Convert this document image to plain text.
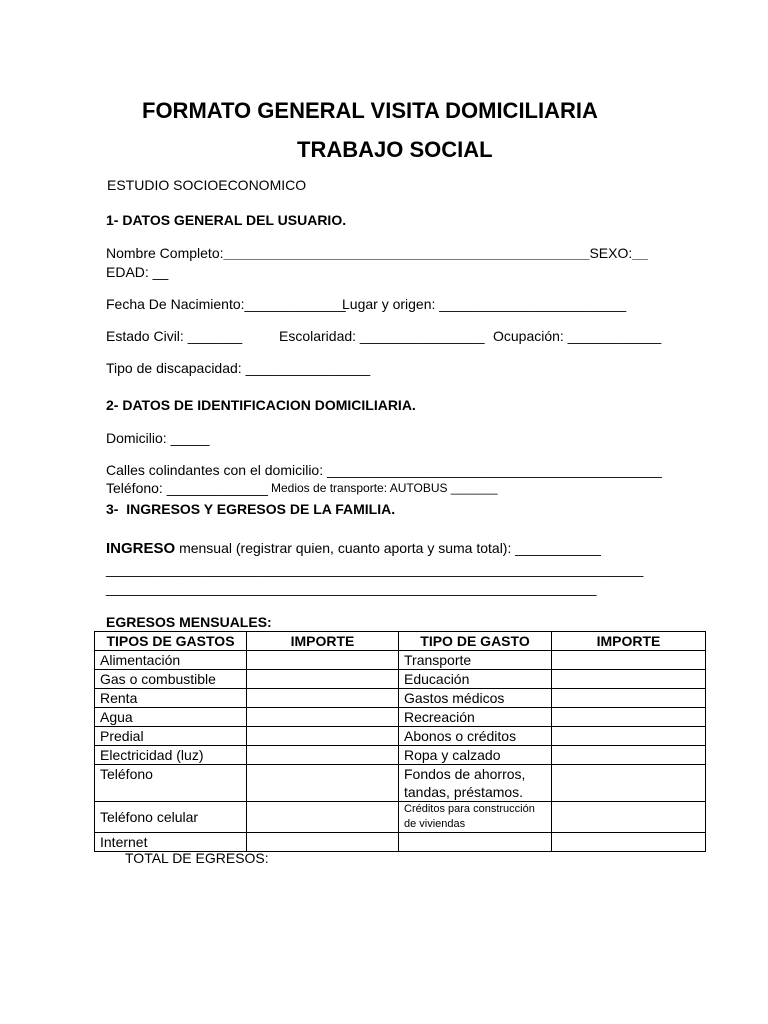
FORMATO GENERAL VISITA DOMICILIARIA
TRABAJO SOCIAL
ESTUDIO SOCIOECONOMICO
1- DATOS GENERAL DEL USUARIO.
Nombre Completo:_______________________________________________SEXO:__
EDAD: __
Fecha De Nacimiento:_____________
Lugar y origen: ________________________
Estado Civil: _______	Escolaridad: ________________ Ocupación: ____________
Tipo de discapacidad: ________________
2- DATOS DE IDENTIFICACION DOMICILIARIA.
Domicilio: _____
Calles colindantes con el domicilio: ___________________________________________
Teléfono: _____________ Medios de transporte: AUTOBUS _______
3-  INGRESOS Y EGRESOS DE LA FAMILIA.
INGRESO mensual (registrar quien, cuanto aporta y suma total): ___________
_____________________________________________________________________
_______________________________________________________________
EGRESOS MENSUALES:
TIPOS DE GASTOS	IMPORTE	TIPO DE GASTO	IMPORTE
Alimentación		Transporte	
Gas o combustible		Educación	
Renta		Gastos médicos	
Agua		Recreación	
Predial		Abonos o créditos	
Electricidad (luz)		Ropa y calzado	
Teléfono		Fondos de ahorros, tandas, préstamos.	
Teléfono celular		Créditos para construcción de viviendas	
Internet			
TOTAL DE EGRESOS:
